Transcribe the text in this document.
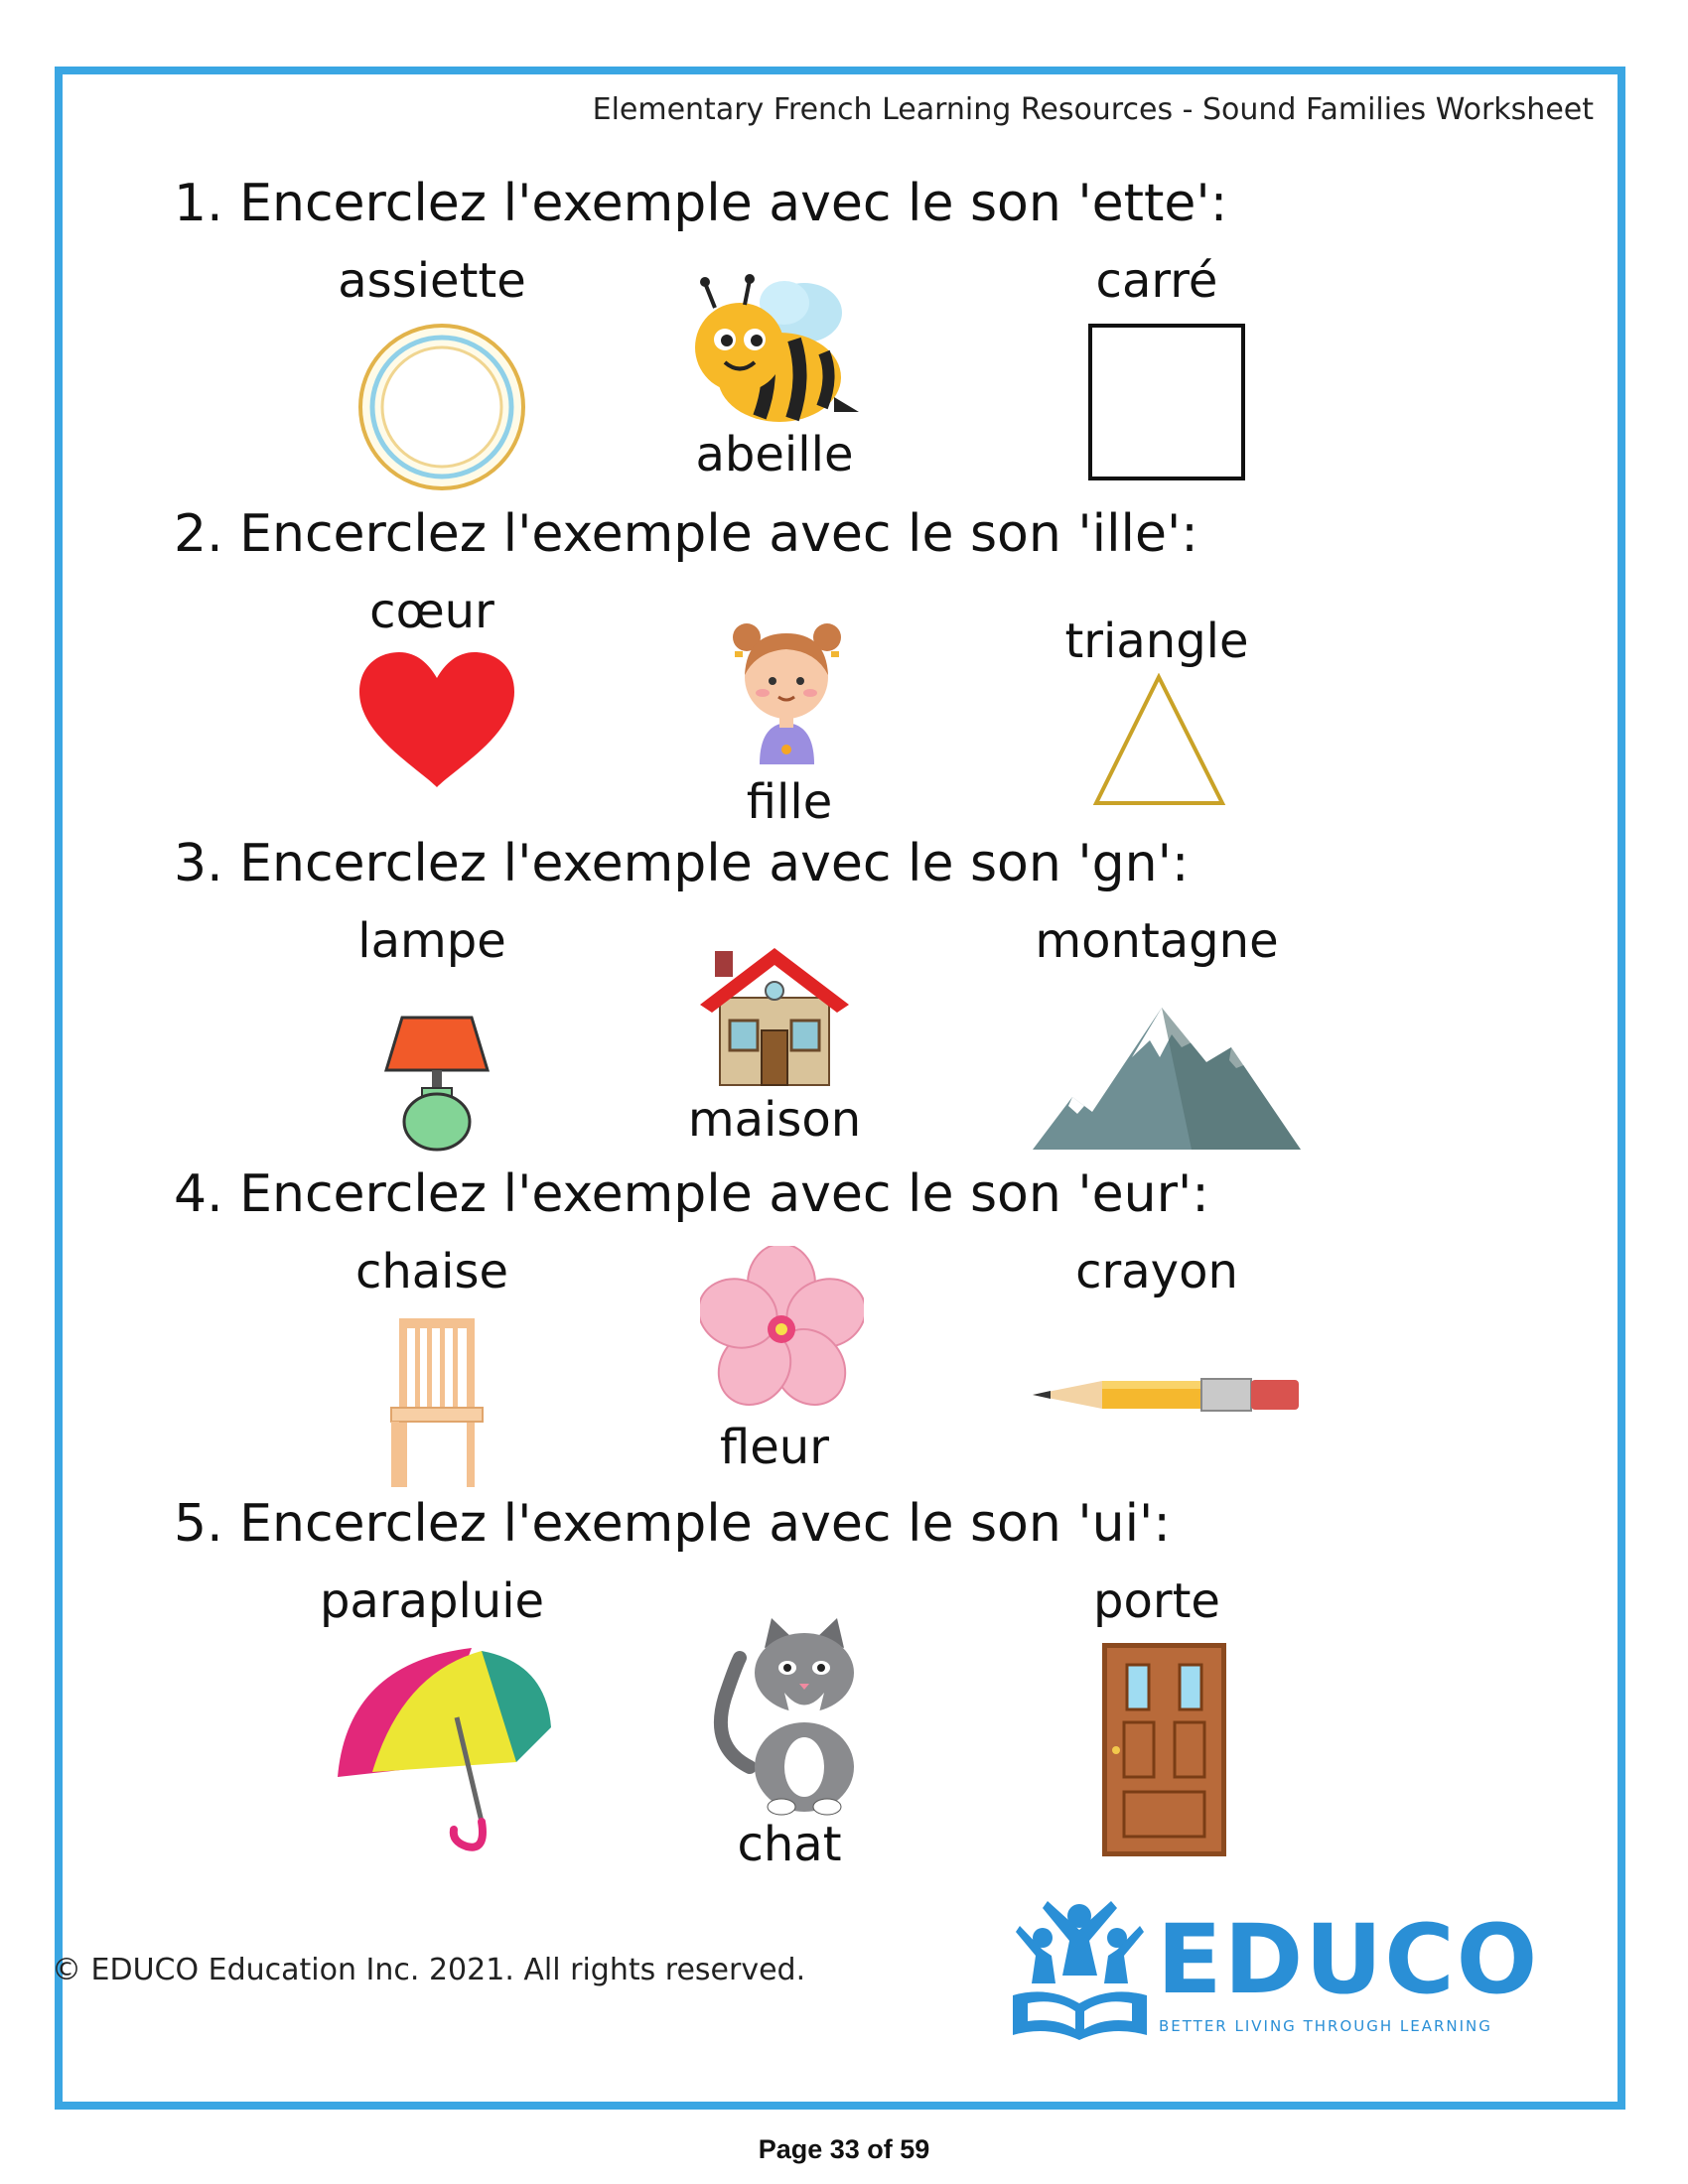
Elementary French Learning Resources - Sound Families Worksheet
1. Encerclez l'exemple avec le son 'ette':
assiette
abeille
carré
2. Encerclez l'exemple avec le son 'ille':
cœur
fille
triangle
3. Encerclez l'exemple avec le son 'gn':
lampe
maison
montagne
4. Encerclez l'exemple avec le son 'eur':
chaise
fleur
crayon
5. Encerclez l'exemple avec le son 'ui':
parapluie
chat
porte
© EDUCO Education Inc. 2021. All rights reserved.	EDUCO
BETTER LIVING THROUGH LEARNING
Page 33 of 59
